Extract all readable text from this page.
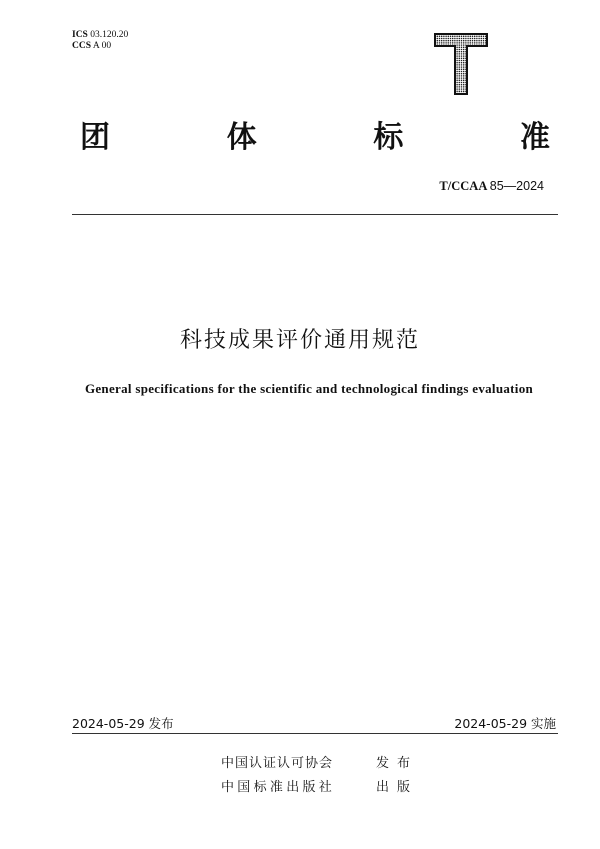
ICS 03.120.20
CCS A 00
团	体	标	准
T/CCAA 85—2024
科技成果评价通用规范
General specifications for the scientific and technological findings evaluation
2024-05-29 发布	2024-05-29 实施
中国认证认可协会	发布
中国标准出版社	出版
